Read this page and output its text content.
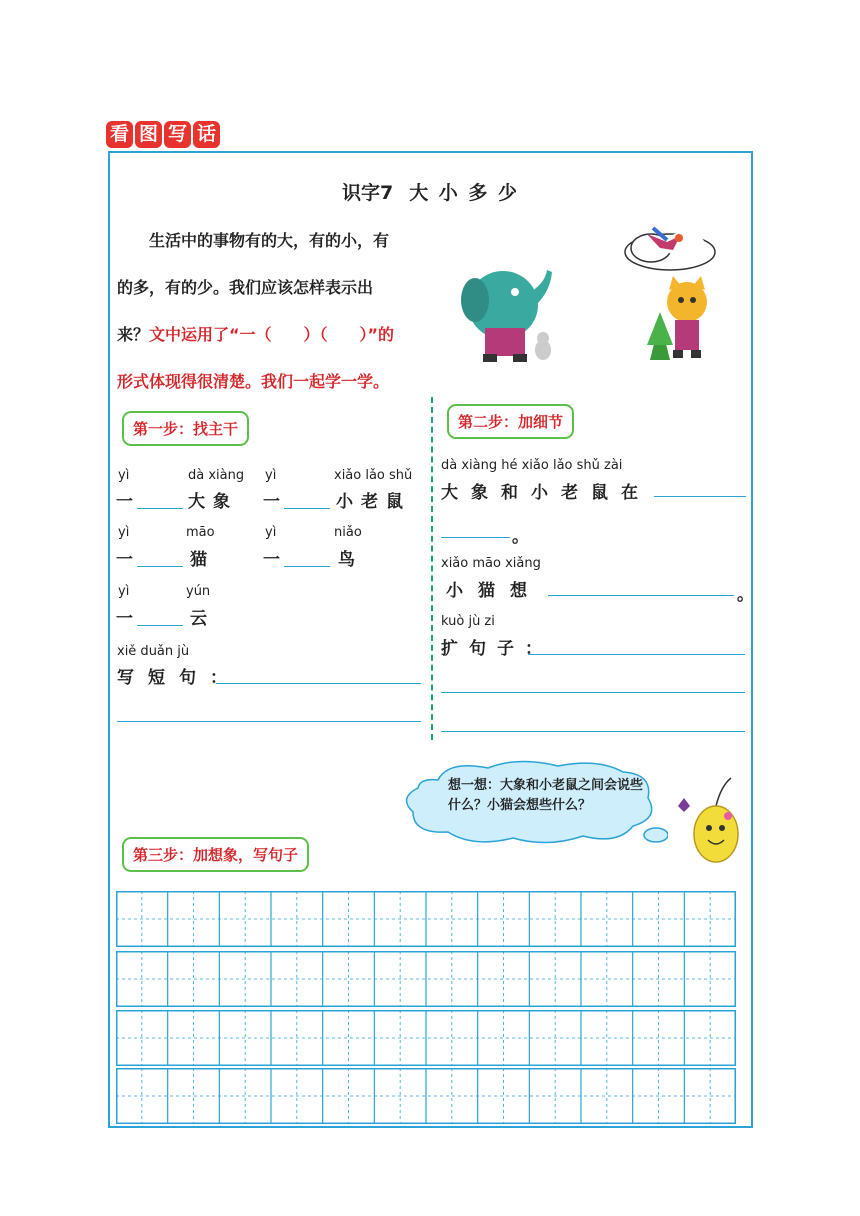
看 图 写 话
识字7 大 小 多 少
生活中的事物有的大，有的小，有
的多，有的少。我们应该怎样表示出
来？文中运用了“一（　　）（　　）”的
形式体现得很清楚。我们一起学一学。
第一步：找主干
yì	dà xiàng
一	大象
yì	xiǎo lǎo shǔ
一	小老鼠
yì	māo
一	猫
yì	niǎo
一	鸟
yì	yún
一	云
xiě duǎn jù
写短句：
第二步：加细节
dà xiàng hé xiǎo lǎo shǔ zài
大象和小老鼠在
。
xiǎo māo xiǎng
小猫想	。
kuò jù zi
扩句子：
想一想：大象和小老鼠之间会说些什么？小猫会想些什么？
第三步：加想象，写句子
